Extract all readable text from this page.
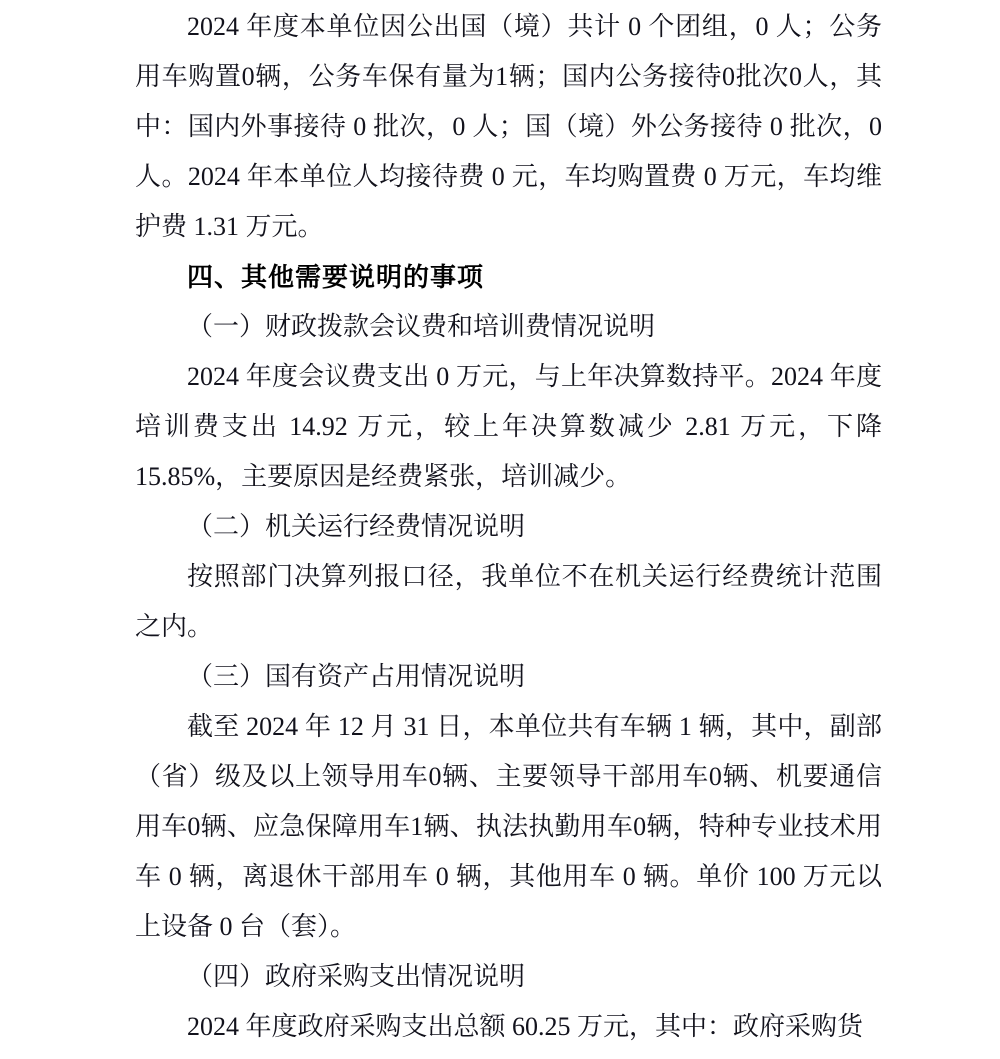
2024 年度本单位因公出国（境）共计 0 个团组，0 人；公务用车购置0辆，公务车保有量为1辆；国内公务接待0批次0人，其中：国内外事接待 0 批次，0 人；国（境）外公务接待 0 批次，0 人。2024 年本单位人均接待费 0 元，车均购置费 0 万元，车均维护费 1.31 万元。

四、其他需要说明的事项

（一）财政拨款会议费和培训费情况说明

2024 年度会议费支出 0 万元，与上年决算数持平。2024 年度培训费支出 14.92 万元，较上年决算数减少 2.81 万元，下降 15.85%，主要原因是经费紧张，培训减少。

（二）机关运行经费情况说明

按照部门决算列报口径，我单位不在机关运行经费统计范围之内。

（三）国有资产占用情况说明

截至 2024 年 12 月 31 日，本单位共有车辆 1 辆，其中，副部（省）级及以上领导用车0辆、主要领导干部用车0辆、机要通信用车0辆、应急保障用车1辆、执法执勤用车0辆，特种专业技术用车 0 辆，离退休干部用车 0 辆，其他用车 0 辆。单价 100 万元以上设备 0 台（套）。

（四）政府采购支出情况说明

2024 年度政府采购支出总额 60.25 万元，其中：政府采购货
